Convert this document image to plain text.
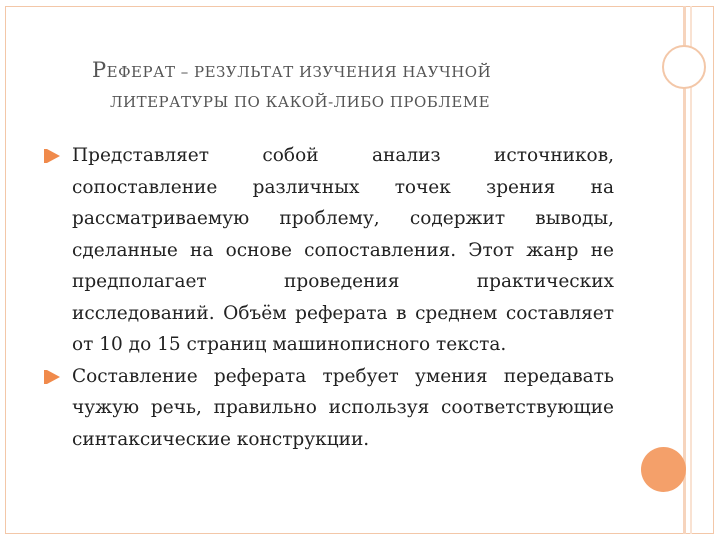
РЕФЕРАТ – РЕЗУЛЬТАТ ИЗУЧЕНИЯ НАУЧНОЙ
ЛИТЕРАТУРЫ ПО КАКОЙ-ЛИБО ПРОБЛЕМЕ

Представляет собой анализ источников, сопоставление различных точек зрения на рассматриваемую проблему, содержит выводы, сделанные на основе сопоставления. Этот жанр не предполагает проведения практических исследований. Объём реферата в среднем составляет от 10 до 15 страниц машинописного текста.

Составление реферата требует умения передавать чужую речь, правильно используя соответствующие синтаксические конструкции.
